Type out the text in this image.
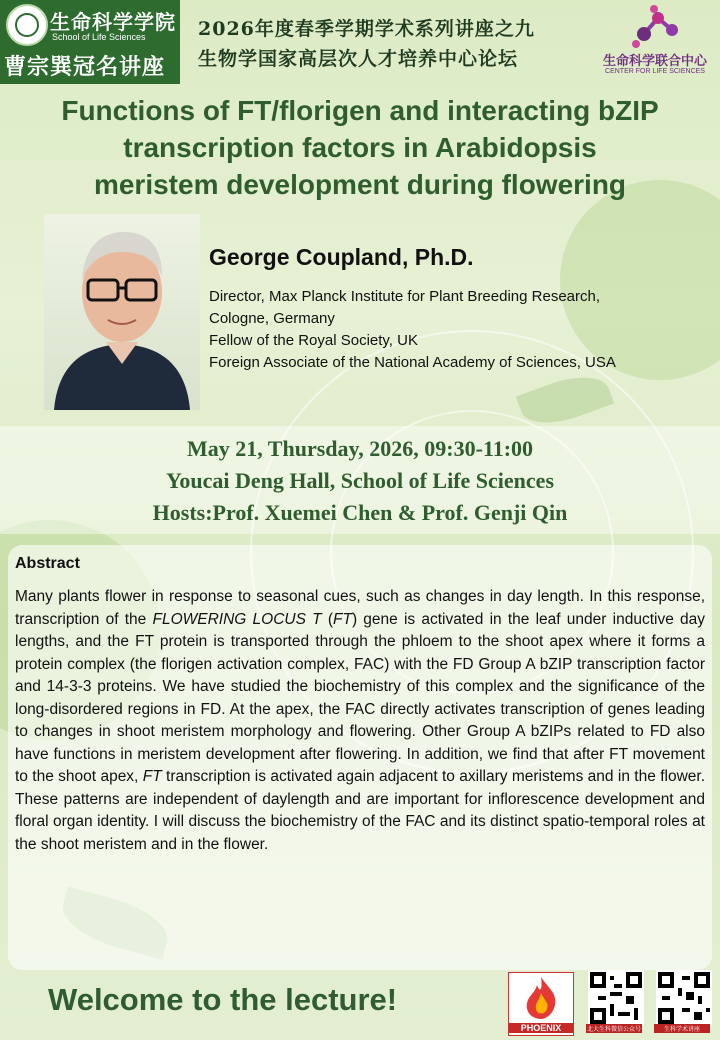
生命科学学院
School of Life Sciences
曹宗巽冠名讲座
2026年度春季学期学术系列讲座之九
生物学国家高层次人才培养中心论坛	生命科学联合中心
CENTER FOR LIFE SCIENCES
Functions of FT/florigen and interacting bZIP
transcription factors in Arabidopsis
meristem development during flowering
George Coupland, Ph.D.
Director, Max Planck Institute for Plant Breeding Research,
Cologne, Germany
Fellow of the Royal Society, UK
Foreign Associate of the National Academy of Sciences, USA
May 21, Thursday, 2026, 09:30-11:00
Youcai Deng Hall, School of Life Sciences
Hosts:Prof. Xuemei Chen & Prof. Genji Qin
Abstract

Many plants flower in response to seasonal cues, such as changes in day length. In this response, transcription of the FLOWERING LOCUS T (FT) gene is activated in the leaf under inductive day lengths, and the FT protein is transported through the phloem to the shoot apex where it forms a protein complex (the florigen activation complex, FAC) with the FD Group A bZIP transcription factor and 14-3-3 proteins. We have studied the biochemistry of this complex and the significance of the long-disordered regions in FD. At the apex, the FAC directly activates transcription of genes leading to changes in shoot meristem morphology and flowering. Other Group A bZIPs related to FD also have functions in meristem development after flowering. In addition, we find that after FT movement to the shoot apex, FT transcription is activated again adjacent to axillary meristems and in the flower. These patterns are independent of daylength and are important for inflorescence development and floral organ identity. I will discuss the biochemistry of the FAC and its distinct spatio-temporal roles at the shoot meristem and in the flower.

Welcome to the lecture!
PHOENIX	北大生科微信公众号	生科学术讲座
